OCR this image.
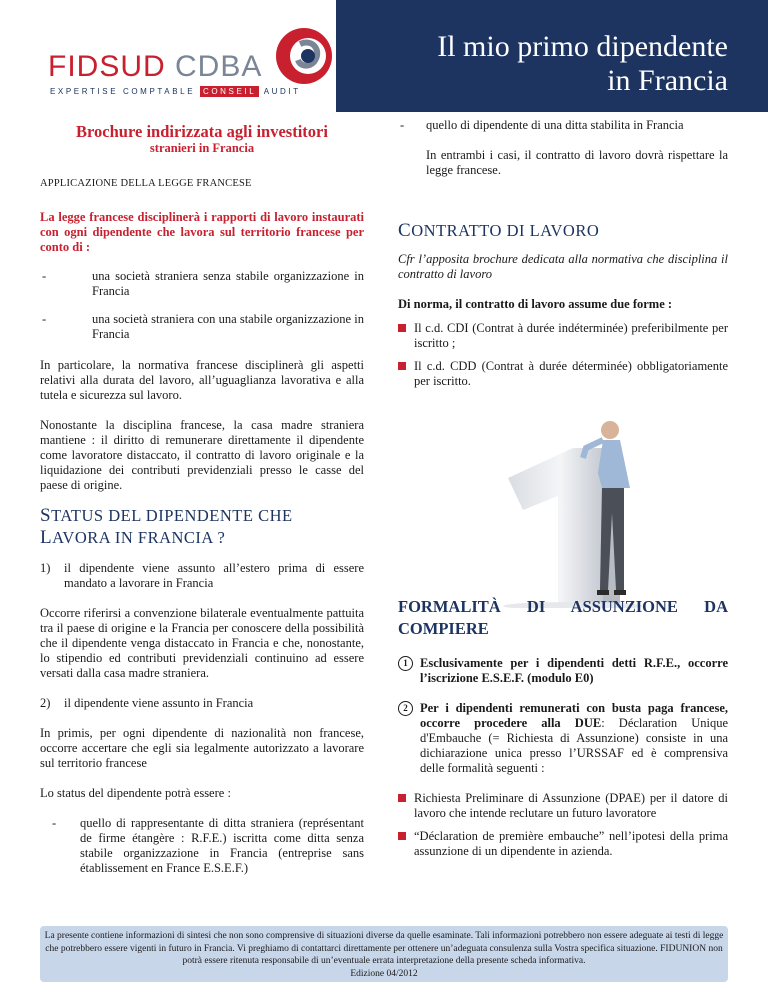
FIDSUD CDBA
EXPERTISE COMPTABLE CONSEIL AUDIT
Il mio primo dipendente
in Francia

Brochure indirizzata agli investitori

stranieri in Francia

APPLICAZIONE DELLA LEGGE FRANCESE

La legge francese disciplinerà i rapporti di lavoro instaurati con ogni dipendente che lavora sul territorio francese per conto di :

-	una società straniera senza stabile organizzazione in Francia

-	una società straniera con una stabile organizzazione in Francia

In particolare, la normativa francese disciplinerà gli aspetti relativi alla durata del lavoro, all’uguaglianza lavorativa e alla tutela e sicurezza sul lavoro.

Nonostante la disciplina francese, la casa madre straniera mantiene : il diritto di remunerare direttamente il dipendente come lavoratore distaccato, il contratto di lavoro originale e la liquidazione dei contributi previdenziali presso le casse del paese di origine.

STATUS DEL DIPENDENTE CHE
LAVORA IN FRANCIA ?

1) il dipendente viene assunto all’estero prima di essere mandato a lavorare in Francia

Occorre riferirsi a convenzione bilaterale eventualmente pattuita tra il paese di origine e la Francia per conoscere della possibilità che il dipendente venga distaccato in Francia e che, nonostante, lo stipendio ed contributi previdenziali continuino ad essere versati dalla casa madre straniera.

2) il dipendente viene assunto in Francia

In primis, per ogni dipendente di nazionalità non francese, occorre accertare che egli sia legalmente autorizzato a lavorare sul territorio francese

Lo status del dipendente potrà essere :

- quello di rappresentante di ditta straniera (représentant de firme étangère : R.F.E.) iscritta come ditta senza stabile organizzazione in Francia (entreprise sans établissement en France E.S.E.F.)

- quello di dipendente di una ditta stabilita in Francia

In entrambi i casi, il contratto di lavoro dovrà rispettare la legge francese.

CONTRATTO DI LAVORO

Cfr l’apposita brochure dedicata alla normativa che disciplina il contratto di lavoro

Di norma, il contratto di lavoro assume due forme :

Il c.d. CDI (Contrat à durée indéterminée) preferibilmente per iscritto ;

Il c.d. CDD (Contrat à durée déterminée) obbligatoriamente per iscritto.

FORMALITÀ DI ASSUNZIONE DA COMPIERE

1 Esclusivamente per i dipendenti detti R.F.E., occorre l’iscrizione E.S.E.F. (modulo E0)

2 Per i dipendenti remunerati con busta paga francese, occorre procedere alla DUE: Déclaration Unique d'Embauche (= Richiesta di Assunzione) consiste in una dichiarazione unica presso l’URSSAF ed è comprensiva delle formalità seguenti :

Richiesta Preliminare di Assunzione (DPAE) per il datore di lavoro che intende reclutare un futuro lavoratore

“Déclaration de première embauche” nell’ipotesi della prima assunzione di un dipendente in azienda.

La presente contiene informazioni di sintesi che non sono comprensive di situazioni diverse da quelle esaminate. Tali informazioni potrebbero non essere adeguate ai testi di legge che potrebbero essere vigenti in futuro in Francia. Vi preghiamo di contattarci direttamente per ottenere un’adeguata consulenza sulla Vostra specifica situazione. FIDUNION non potrà essere ritenuta responsabile di un’eventuale errata interpretazione della presente scheda informativa.
Edizione 04/2012
